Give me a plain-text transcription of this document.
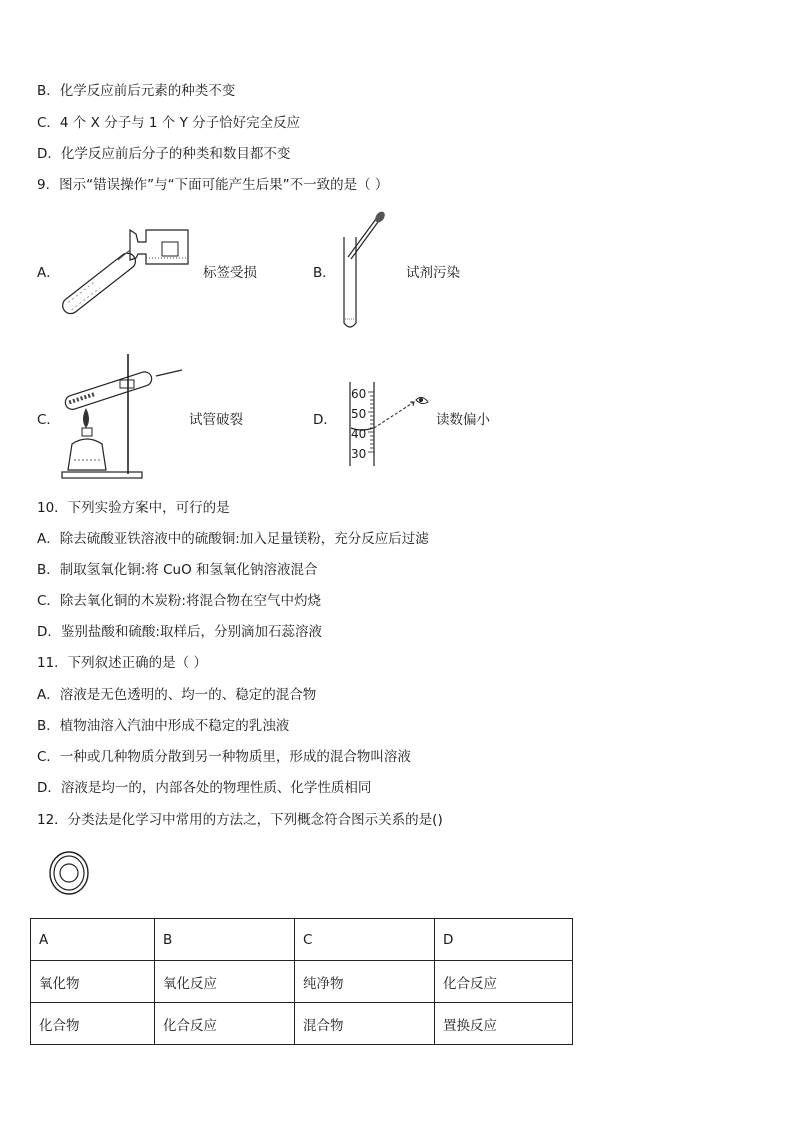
B．化学反应前后元素的种类不变
C．4 个 X 分子与 1 个 Y 分子恰好完全反应
D．化学反应前后分子的种类和数目都不变
9．图示“错误操作”与“下面可能产生后果”不一致的是（ ）
A．	标签受损	B．	试剂污染
C．	试管破裂	D．
60
50
40
30
读数偏小
10．下列实验方案中，可行的是
A．除去硫酸亚铁溶液中的硫酸铜:加入足量镁粉，充分反应后过滤
B．制取氢氧化铜:将 CuO 和氢氧化钠溶液混合
C．除去氧化铜的木炭粉:将混合物在空气中灼烧
D．鉴别盐酸和硫酸:取样后，分别滴加石蕊溶液
11．下列叙述正确的是（ ）
A．溶液是无色透明的、均一的、稳定的混合物
B．植物油溶入汽油中形成不稳定的乳浊液
C．一种或几种物质分散到另一种物质里，形成的混合物叫溶液
D．溶液是均一的，内部各处的物理性质、化学性质相同
12．分类法是化学习中常用的方法之，下列概念符合图示关系的是()
A	B	C	D
氧化物	氧化反应	纯净物	化合反应
化合物	化合反应	混合物	置换反应
